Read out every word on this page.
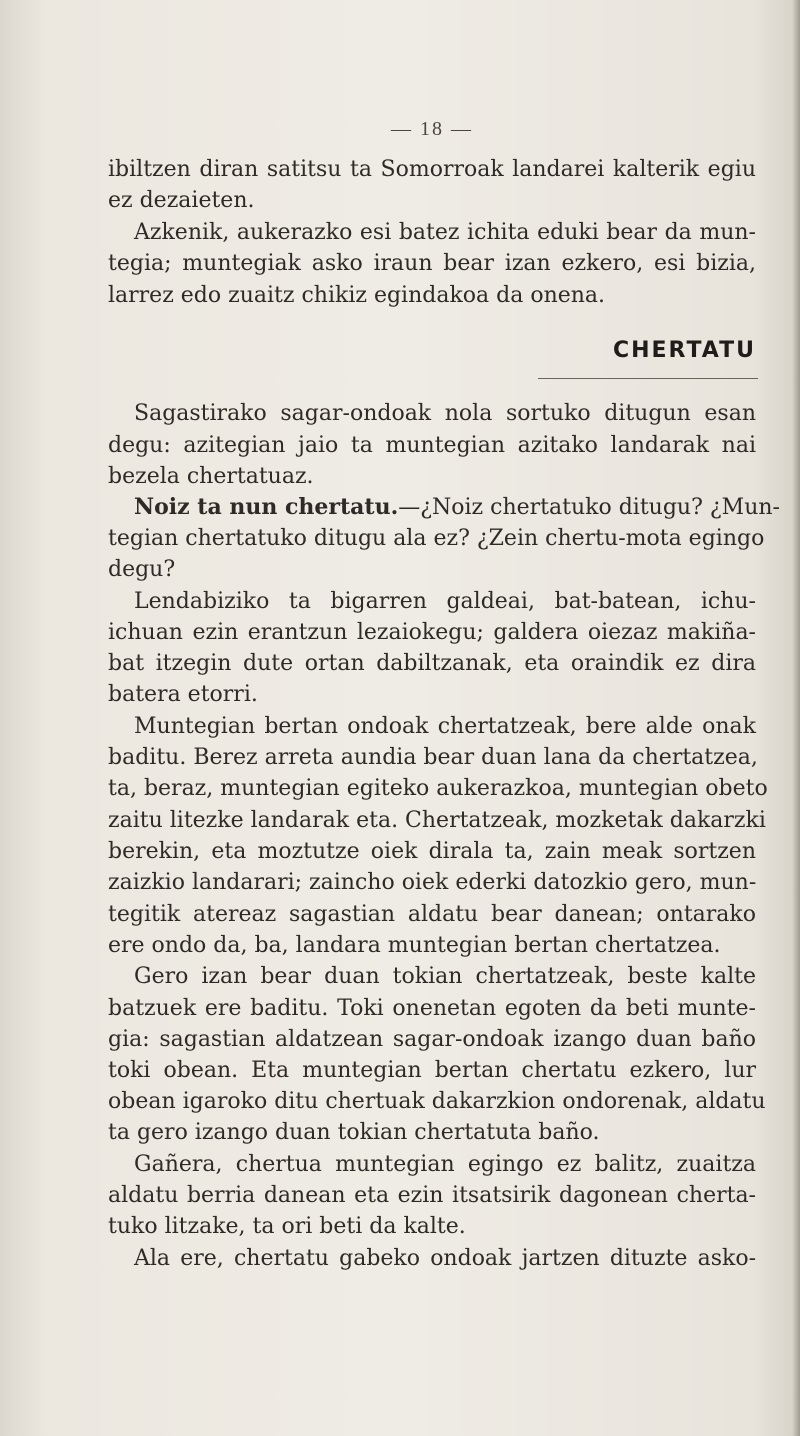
— 18 —
ibiltzen diran satitsu ta Somorroak landarei kalterik egiu
ez dezaieten.
Azkenik, aukerazko esi batez ichita eduki bear da mun-
tegia; muntegiak asko iraun bear izan ezkero, esi bizia,
larrez edo zuaitz chikiz egindakoa da onena.
CHERTATU
Sagastirako sagar-ondoak nola sortuko ditugun esan
degu: azitegian jaio ta muntegian azitako landarak nai
bezela chertatuaz.
Noiz ta nun chertatu.—¿Noiz chertatuko ditugu? ¿Mun-
tegian chertatuko ditugu ala ez? ¿Zein chertu-mota egingo
degu?
Lendabiziko ta bigarren galdeai, bat-batean, ichu-
ichuan ezin erantzun lezaiokegu; galdera oiezaz makiña-
bat itzegin dute ortan dabiltzanak, eta oraindik ez dira
batera etorri.
Muntegian bertan ondoak chertatzeak, bere alde onak
baditu. Berez arreta aundia bear duan lana da chertatzea,
ta, beraz, muntegian egiteko aukerazkoa, muntegian obeto
zaitu litezke landarak eta. Chertatzeak, mozketak dakarzki
berekin, eta moztutze oiek dirala ta, zain meak sortzen
zaizkio landarari; zaincho oiek ederki datozkio gero, mun-
tegitik atereaz sagastian aldatu bear danean; ontarako
ere ondo da, ba, landara muntegian bertan chertatzea.
Gero izan bear duan tokian chertatzeak, beste kalte
batzuek ere baditu. Toki onenetan egoten da beti munte-
gia: sagastian aldatzean sagar-ondoak izango duan baño
toki obean. Eta muntegian bertan chertatu ezkero, lur
obean igaroko ditu chertuak dakarzkion ondorenak, aldatu
ta gero izango duan tokian chertatuta baño.
Gañera, chertua muntegian egingo ez balitz, zuaitza
aldatu berria danean eta ezin itsatsirik dagonean cherta-
tuko litzake, ta ori beti da kalte.
Ala ere, chertatu gabeko ondoak jartzen dituzte asko-
